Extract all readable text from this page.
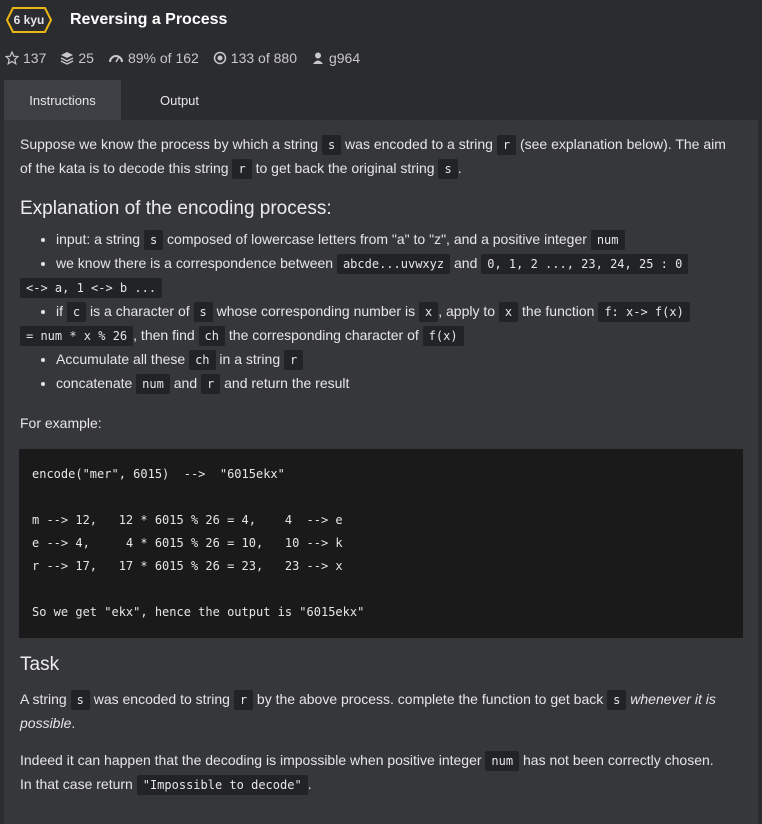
6 kyu Reversing a Process
137 25 89%
of
162 133
of
880 g964
Instructions	Output

Suppose we know the process by which a string s was encoded to a string r (see explanation below). The aim
of the kata is to decode this string r to get back the original string s .

Explanation of the encoding process:
• input: a string s composed of lowercase letters from "a" to "z", and a positive integer num
• we know there is a correspondence between abcde...uvwxyz and 0, 1, 2 ..., 23, 24, 25 : 0
<-> a, 1 <-> b ...
• if c is a character of s whose corresponding number is x , apply to x the function f: x-> f(x)
= num * x % 26 , then find ch the corresponding character of f(x)
• Accumulate all these ch in a string r
• concatenate num and r and return the result

For example:

encode("mer", 6015)  -->  "6015ekx"

m --> 12,   12 * 6015 % 26 = 4,    4  --> e
e --> 4,     4 * 6015 % 26 = 10,   10 --> k
r --> 17,   17 * 6015 % 26 = 23,   23 --> x

So we get "ekx", hence the output is "6015ekx"
Task

A string s was encoded to string r by the above process. complete the function to get back s whenever it is
possible.

Indeed it can happen that the decoding is impossible when positive integer num has not been correctly chosen.
In that case return "Impossible to decode" .
